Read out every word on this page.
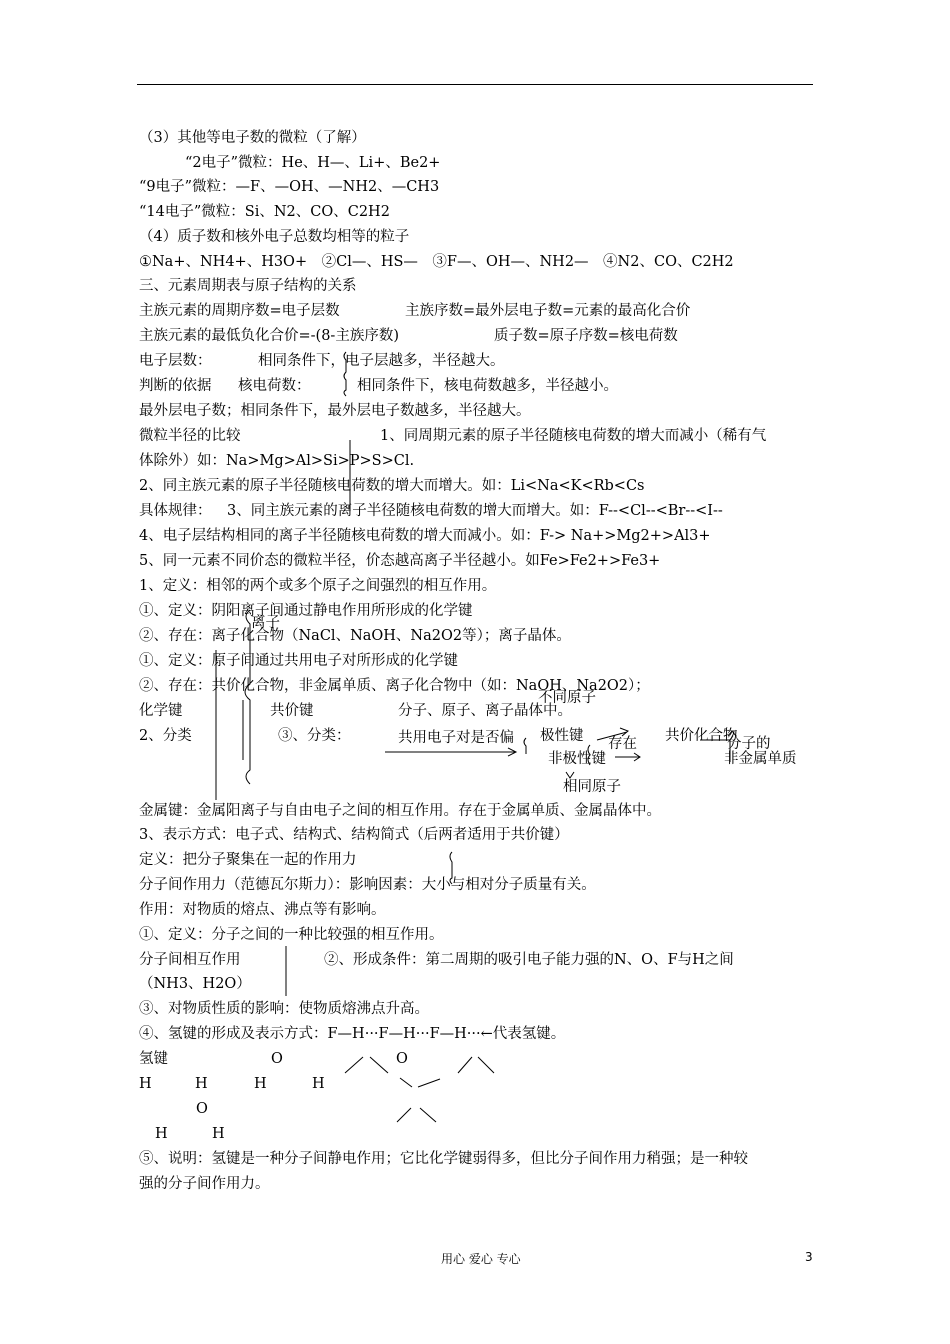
（3）其他等电子数的微粒（了解）
“2电子”微粒：He、H—、Li+、Be2+
“9电子”微粒：—F、—OH、—NH2、—CH3
“14电子”微粒：Si、N2、CO、C2H2
（4）质子数和核外电子总数均相等的粒子
①Na+、NH4+、H3O+　②Cl—、HS—　③F—、OH—、NH2—　④N2、CO、C2H2
三、元素周期表与原子结构的关系
主族元素的周期序数=电子层数	主族序数=最外层电子数=元素的最高化合价
主族元素的最低负化合价=-(8-主族序数)	质子数=原子序数=核电荷数
电子层数：	相同条件下，电子层越多，半径越大。
判断的依据 核电荷数：	相同条件下，核电荷数越多，半径越小。
最外层电子数；相同条件下，最外层电子数越多，半径越大。
微粒半径的比较	1、同周期元素的原子半径随核电荷数的增大而减小（稀有气
体除外）如：Na>Mg>Al>Si>P>S>Cl.
2、同主族元素的原子半径随核电荷数的增大而增大。如：Li<Na<K<Rb<Cs
具体规律： 3、同主族元素的离子半径随核电荷数的增大而增大。如：F--<Cl--<Br--<I--
4、电子层结构相同的离子半径随核电荷数的增大而减小。如：F-> Na+>Mg2+>Al3+
5、同一元素不同价态的微粒半径，价态越高离子半径越小。如Fe>Fe2+>Fe3+
1、定义：相邻的两个或多个原子之间强烈的相互作用。
①、定义：阴阳离子间通过静电作用所形成的化学键
离子
②、存在：离子化合物（NaCl、NaOH、Na2O2等）；离子晶体。
①、定义：原子间通过共用电子对所形成的化学键
②、存在：共价化合物，非金属单质、离子化合物中（如：NaOH、Na2O2）；
不同原子
化学键	共价键	分子、原子、离子晶体中。
2、分类	③、分类：	共用电子对是否偏 极性键 存在 共价化合物
分子的
非极性键	非金属单质
相同原子
金属键：金属阳离子与自由电子之间的相互作用。存在于金属单质、金属晶体中。
3、表示方式：电子式、结构式、结构简式（后两者适用于共价键）
定义：把分子聚集在一起的作用力
分子间作用力（范德瓦尔斯力）：影响因素：大小与相对分子质量有关。
作用：对物质的熔点、沸点等有影响。
①、定义：分子之间的一种比较强的相互作用。
分子间相互作用	②、形成条件：第二周期的吸引电子能力强的N、O、F与H之间
（NH3、H2O）
③、对物质性质的影响：使物质熔沸点升高。
④、氢键的形成及表示方式：F—H···F—H···F—H···←代表氢键。
氢键	O	O
H	H	H	H
O
H	H
⑤、说明：氢键是一种分子间静电作用；它比化学键弱得多，但比分子间作用力稍强；是一种较
强的分子间作用力。
用心 爱心 专心	3
